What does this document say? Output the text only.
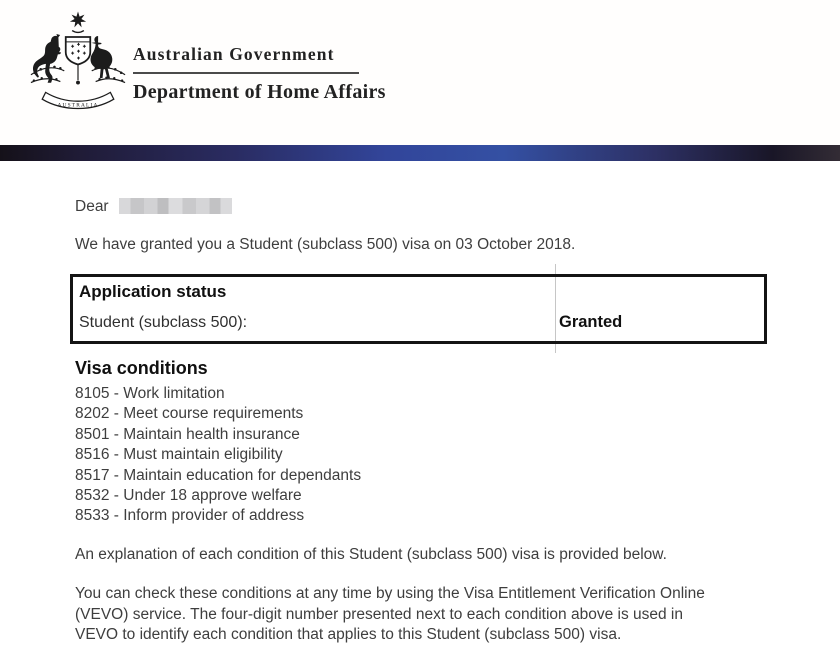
AUSTRALIA
Australian Government
Department of Home Affairs
Dear
We have granted you a Student (subclass 500) visa on 03 October 2018.
Application status
Student (subclass 500):	Granted
Visa conditions
8105 - Work limitation
8202 - Meet course requirements
8501 - Maintain health insurance
8516 - Must maintain eligibility
8517 - Maintain education for dependants
8532 - Under 18 approve welfare
8533 - Inform provider of address
An explanation of each condition of this Student (subclass 500) visa is provided below.
You can check these conditions at any time by using the Visa Entitlement Verification Online
(VEVO) service. The four-digit number presented next to each condition above is used in
VEVO to identify each condition that applies to this Student (subclass 500) visa.
